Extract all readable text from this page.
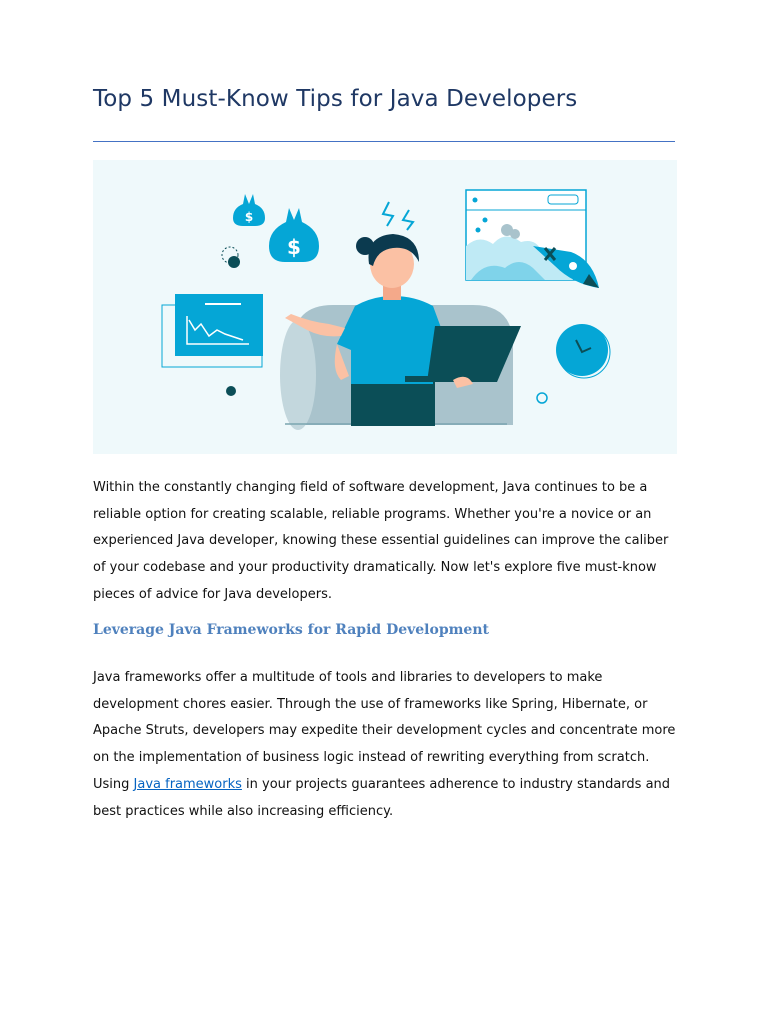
Top 5 Must-Know Tips for Java Developers
$
$

Within the constantly changing field of software development, Java continues to be a reliable option for creating scalable, reliable programs. Whether you're a novice or an experienced Java developer, knowing these essential guidelines can improve the caliber of your codebase and your productivity dramatically. Now let's explore five must-know pieces of advice for Java developers.

Leverage Java Frameworks for Rapid Development

Java frameworks offer a multitude of tools and libraries to developers to make development chores easier. Through the use of frameworks like Spring, Hibernate, or Apache Struts, developers may expedite their development cycles and concentrate more on the implementation of business logic instead of rewriting everything from scratch. Using Java frameworks in your projects guarantees adherence to industry standards and best practices while also increasing efficiency.
